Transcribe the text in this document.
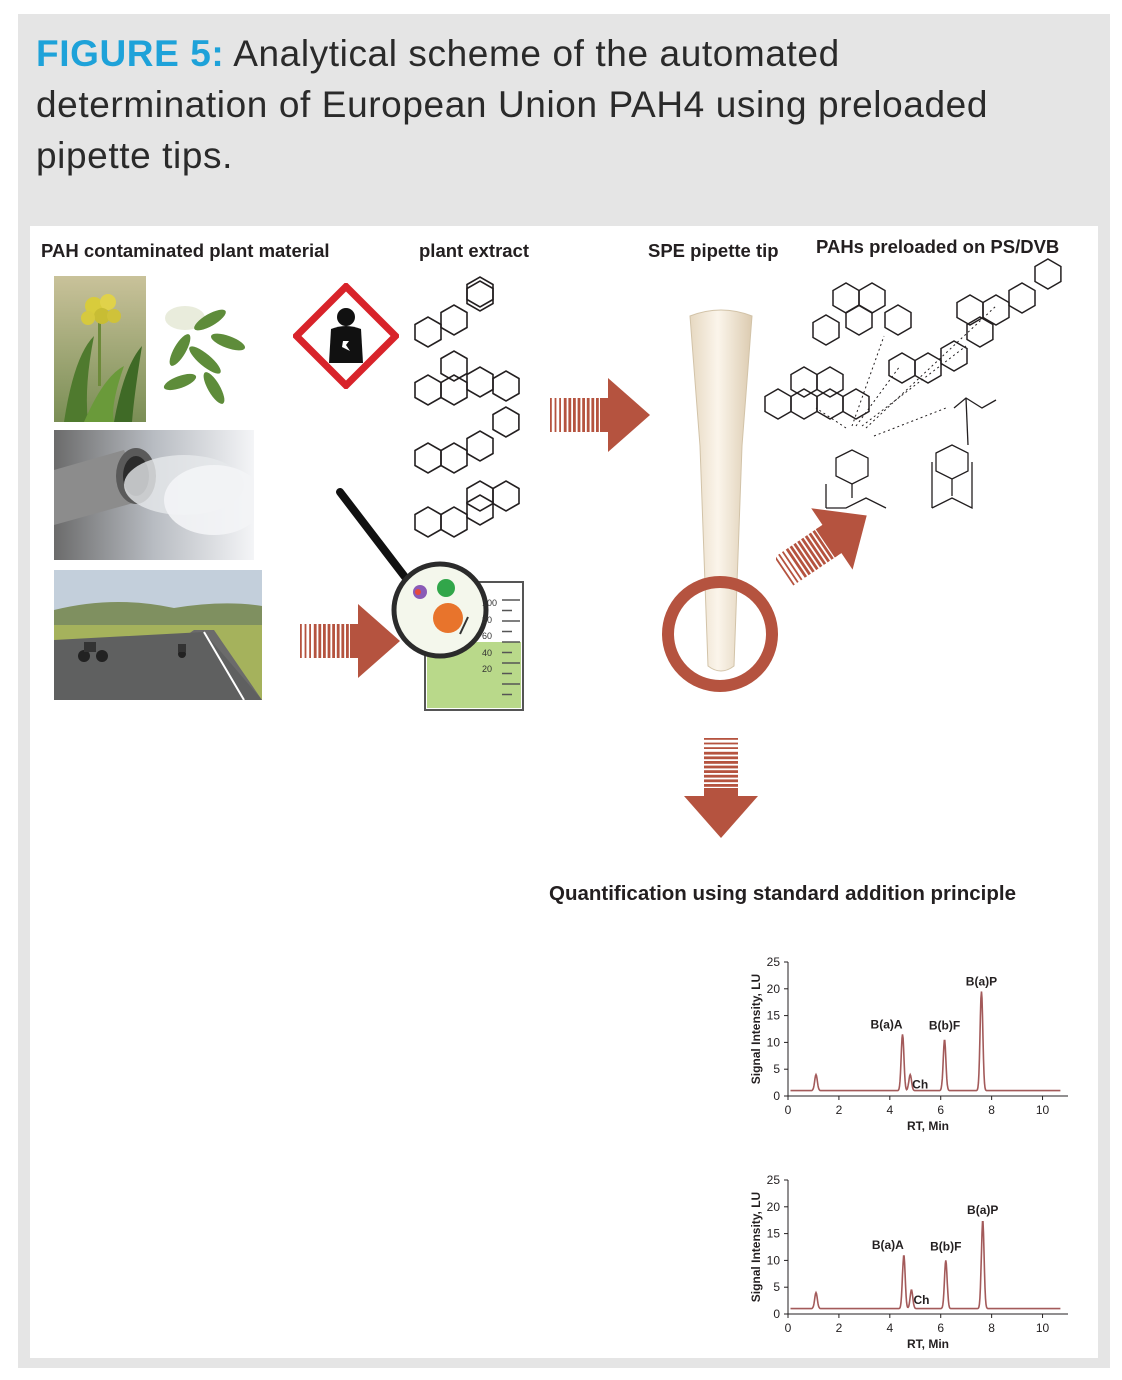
FIGURE 5: Analytical scheme of the automated determination of European Union PAH4 using preloaded pipette tips.
PAH contaminated plant material	plant extract	SPE pipette tip PAHs preloaded on PS/DVB
Quantification using standard addition principle
100
80
60
40
20
0
5
10
15
20
25
0	2	4	6	8	10
RT, Min
Signal Intensity, LU	B(a)A
Ch
B(b)F
B(a)P
0
5
10
15
20
25
0	2	4	6	8	10
RT, Min
Signal Intensity, LU	B(a)A
Ch
B(b)F
B(a)P
